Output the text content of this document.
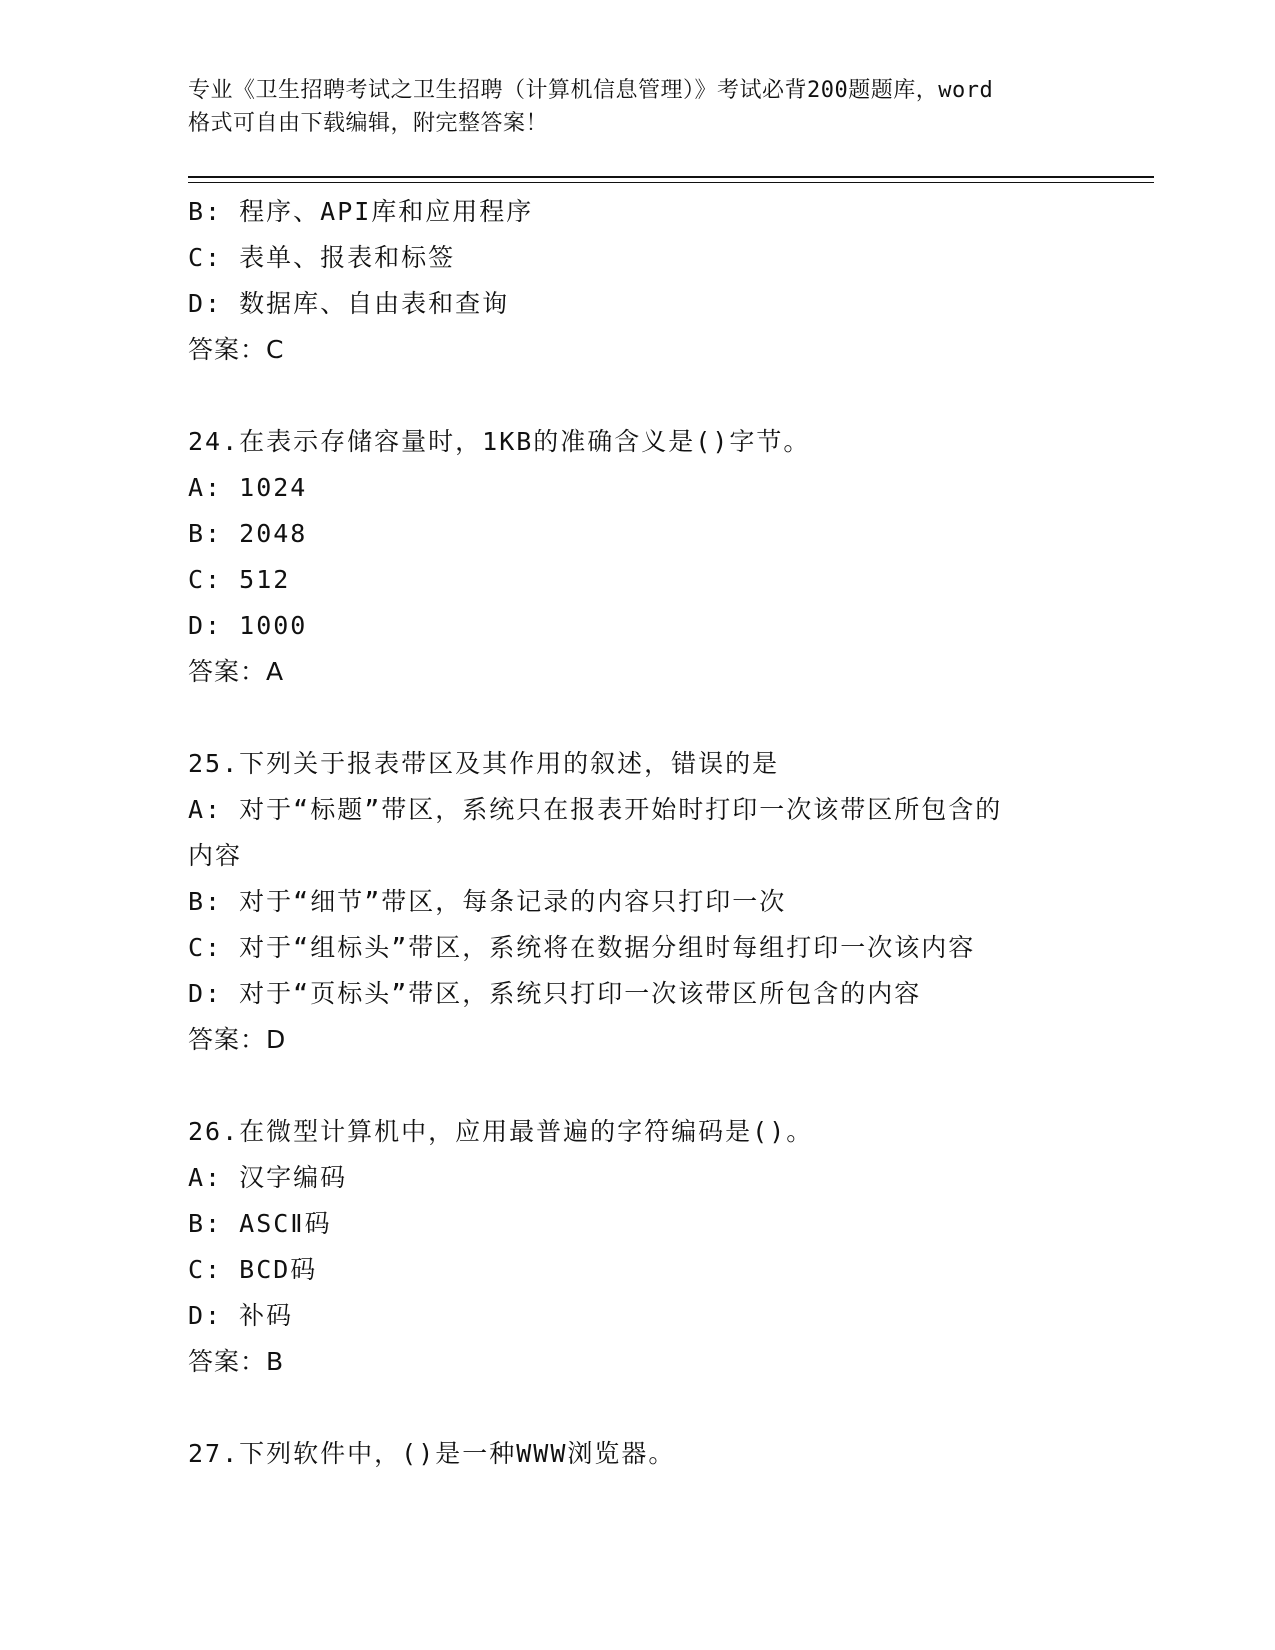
专业《卫生招聘考试之卫生招聘（计算机信息管理）》考试必背200题题库，word
格式可自由下载编辑，附完整答案！
B: 程序、API库和应用程序
C: 表单、报表和标签
D: 数据库、自由表和查询
答案：C
24.在表示存储容量时，1KB的准确含义是()字节。
A: 1024
B: 2048
C: 512
D: 1000
答案：A
25.下列关于报表带区及其作用的叙述，错误的是
A: 对于“标题”带区，系统只在报表开始时打印一次该带区所包含的
内容
B: 对于“细节”带区，每条记录的内容只打印一次
C: 对于“组标头”带区，系统将在数据分组时每组打印一次该内容
D: 对于“页标头”带区，系统只打印一次该带区所包含的内容
答案：D
26.在微型计算机中，应用最普遍的字符编码是()。
A: 汉字编码
B: ASCⅡ码
C: BCD码
D: 补码
答案：B
27.下列软件中，()是一种WWW浏览器。
